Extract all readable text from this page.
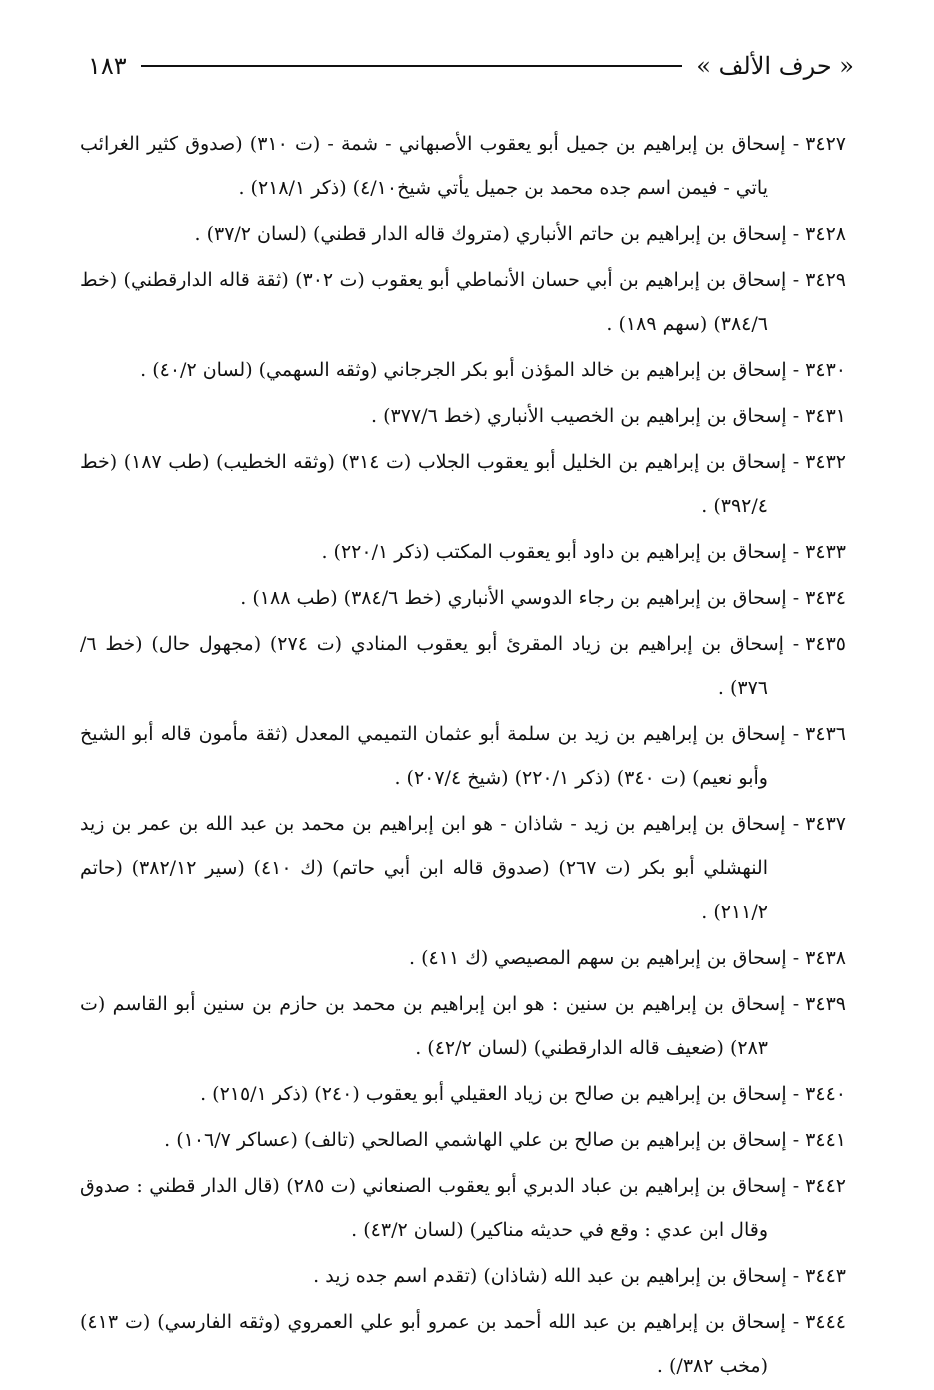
« حرف الألف »
١٨٣

٣٤٢٧ - إسحاق بن إبراهيم بن جميل أبو يعقوب الأصبهاني - شمة - (ت ٣١٠) (صدوق كثير الغرائب ياتي - فيمن اسم جده محمد بن جميل يأتي شيخ٤/١٠) (ذكر ٢١٨/١) .

٣٤٢٨ - إسحاق بن إبراهيم بن حاتم الأنباري (متروك قاله الدار قطني) (لسان ٣٧/٢) .

٣٤٢٩ - إسحاق بن إبراهيم بن أبي حسان الأنماطي أبو يعقوب (ت ٣٠٢) (ثقة قاله الدارقطني) (خط ٣٨٤/٦) (سهم ١٨٩) .

٣٤٣٠ - إسحاق بن إبراهيم بن خالد المؤذن أبو بكر الجرجاني (وثقه السهمي) (لسان ٤٠/٢) .

٣٤٣١ - إسحاق بن إبراهيم بن الخصيب الأنباري (خط ٣٧٧/٦) .

٣٤٣٢ - إسحاق بن إبراهيم بن الخليل أبو يعقوب الجلاب (ت ٣١٤) (وثقه الخطيب) (طب ١٨٧) (خط ٣٩٢/٤) .

٣٤٣٣ - إسحاق بن إبراهيم بن داود أبو يعقوب المكتب (ذكر ٢٢٠/١) .

٣٤٣٤ - إسحاق بن إبراهيم بن رجاء الدوسي الأنباري (خط ٣٨٤/٦) (طب ١٨٨) .

٣٤٣٥ - إسحاق بن إبراهيم بن زياد المقرئ أبو يعقوب المنادي (ت ٢٧٤) (مجهول حال) (خط ٦/ ٣٧٦) .

٣٤٣٦ - إسحاق بن إبراهيم بن زيد بن سلمة أبو عثمان التميمي المعدل (ثقة مأمون قاله أبو الشيخ وأبو نعيم) (ت ٣٤٠) (ذكر ٢٢٠/١) (شيخ ٢٠٧/٤) .

٣٤٣٧ - إسحاق بن إبراهيم بن زيد - شاذان - هو ابن إبراهيم بن محمد بن عبد الله بن عمر بن زيد النهشلي أبو بكر (ت ٢٦٧) (صدوق قاله ابن أبي حاتم) (ك ٤١٠) (سير ٣٨٢/١٢) (حاتم ٢١١/٢) .

٣٤٣٨ - إسحاق بن إبراهيم بن سهم المصيصي (ك ٤١١) .

٣٤٣٩ - إسحاق بن إبراهيم بن سنين : هو ابن إبراهيم بن محمد بن حازم بن سنين أبو القاسم (ت ٢٨٣) (ضعيف قاله الدارقطني) (لسان ٤٢/٢) .

٣٤٤٠ - إسحاق بن إبراهيم بن صالح بن زياد العقيلي أبو يعقوب (٢٤٠) (ذكر ٢١٥/١) .

٣٤٤١ - إسحاق بن إبراهيم بن صالح بن علي الهاشمي الصالحي (تالف) (عساكر ١٠٦/٧) .

٣٤٤٢ - إسحاق بن إبراهيم بن عباد الدبري أبو يعقوب الصنعاني (ت ٢٨٥) (قال الدار قطني : صدوق وقال ابن عدي : وقع في حديثه مناكير) (لسان ٤٣/٢) .

٣٤٤٣ - إسحاق بن إبراهيم بن عبد الله (شاذان) (تقدم اسم جده زيد .

٣٤٤٤ - إسحاق بن إبراهيم بن عبد الله أحمد بن عمرو أبو علي العمروي (وثقه الفارسي) (ت ٤١٣) (مخب ٣٨٢/) .
